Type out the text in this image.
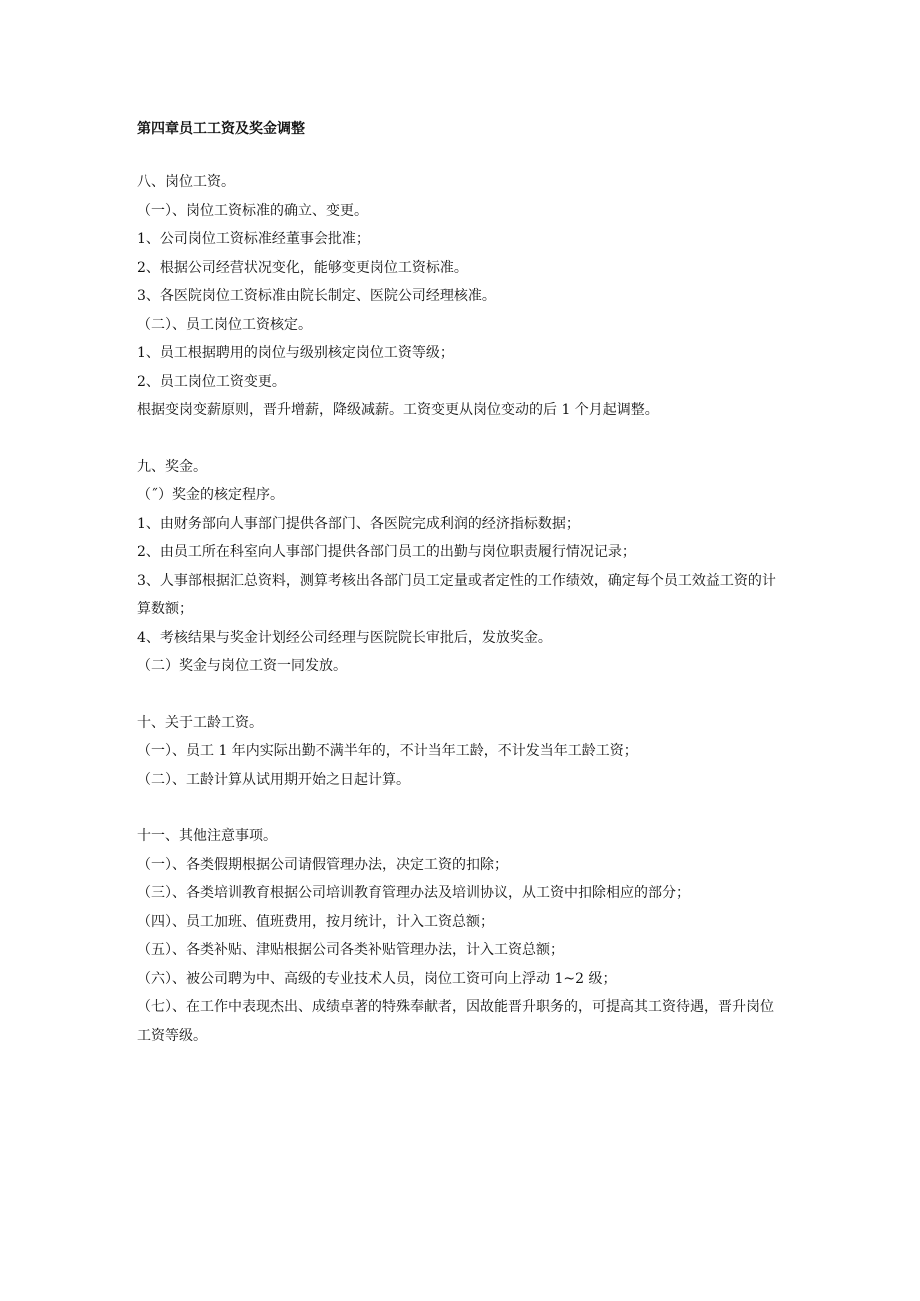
第四章员工工资及奖金调整

八、岗位工资。

（一）、岗位工资标准的确立、变更。

1、公司岗位工资标准经董事会批准；

2、根据公司经营状况变化，能够变更岗位工资标准。

3、各医院岗位工资标准由院长制定、医院公司经理核准。

（二）、员工岗位工资核定。

1、员工根据聘用的岗位与级别核定岗位工资等级；

2、员工岗位工资变更。

根据变岗变薪原则，晋升增薪，降级减薪。工资变更从岗位变动的后 1 个月起调整。

九、奖金。

（˝）奖金的核定程序。

1、由财务部向人事部门提供各部门、各医院完成利润的经济指标数据；

2、由员工所在科室向人事部门提供各部门员工的出勤与岗位职责履行情况记录；

3、人事部根据汇总资料，测算考核出各部门员工定量或者定性的工作绩效，确定每个员工效益工资的计算数额；

4、考核结果与奖金计划经公司经理与医院院长审批后，发放奖金。

（二）奖金与岗位工资一同发放。

十、关于工龄工资。

（一）、员工 1 年内实际出勤不满半年的，不计当年工龄，不计发当年工龄工资；

（二）、工龄计算从试用期开始之日起计算。

十一、其他注意事项。

（一）、各类假期根据公司请假管理办法，决定工资的扣除；

（三）、各类培训教育根据公司培训教育管理办法及培训协议，从工资中扣除相应的部分；

（四）、员工加班、值班费用，按月统计，计入工资总额；

（五）、各类补贴、津贴根据公司各类补贴管理办法，计入工资总额；

（六）、被公司聘为中、高级的专业技术人员，岗位工资可向上浮动 1~2 级；

（七）、在工作中表现杰出、成绩卓著的特殊奉献者，因故能晋升职务的，可提高其工资待遇，晋升岗位工资等级。
